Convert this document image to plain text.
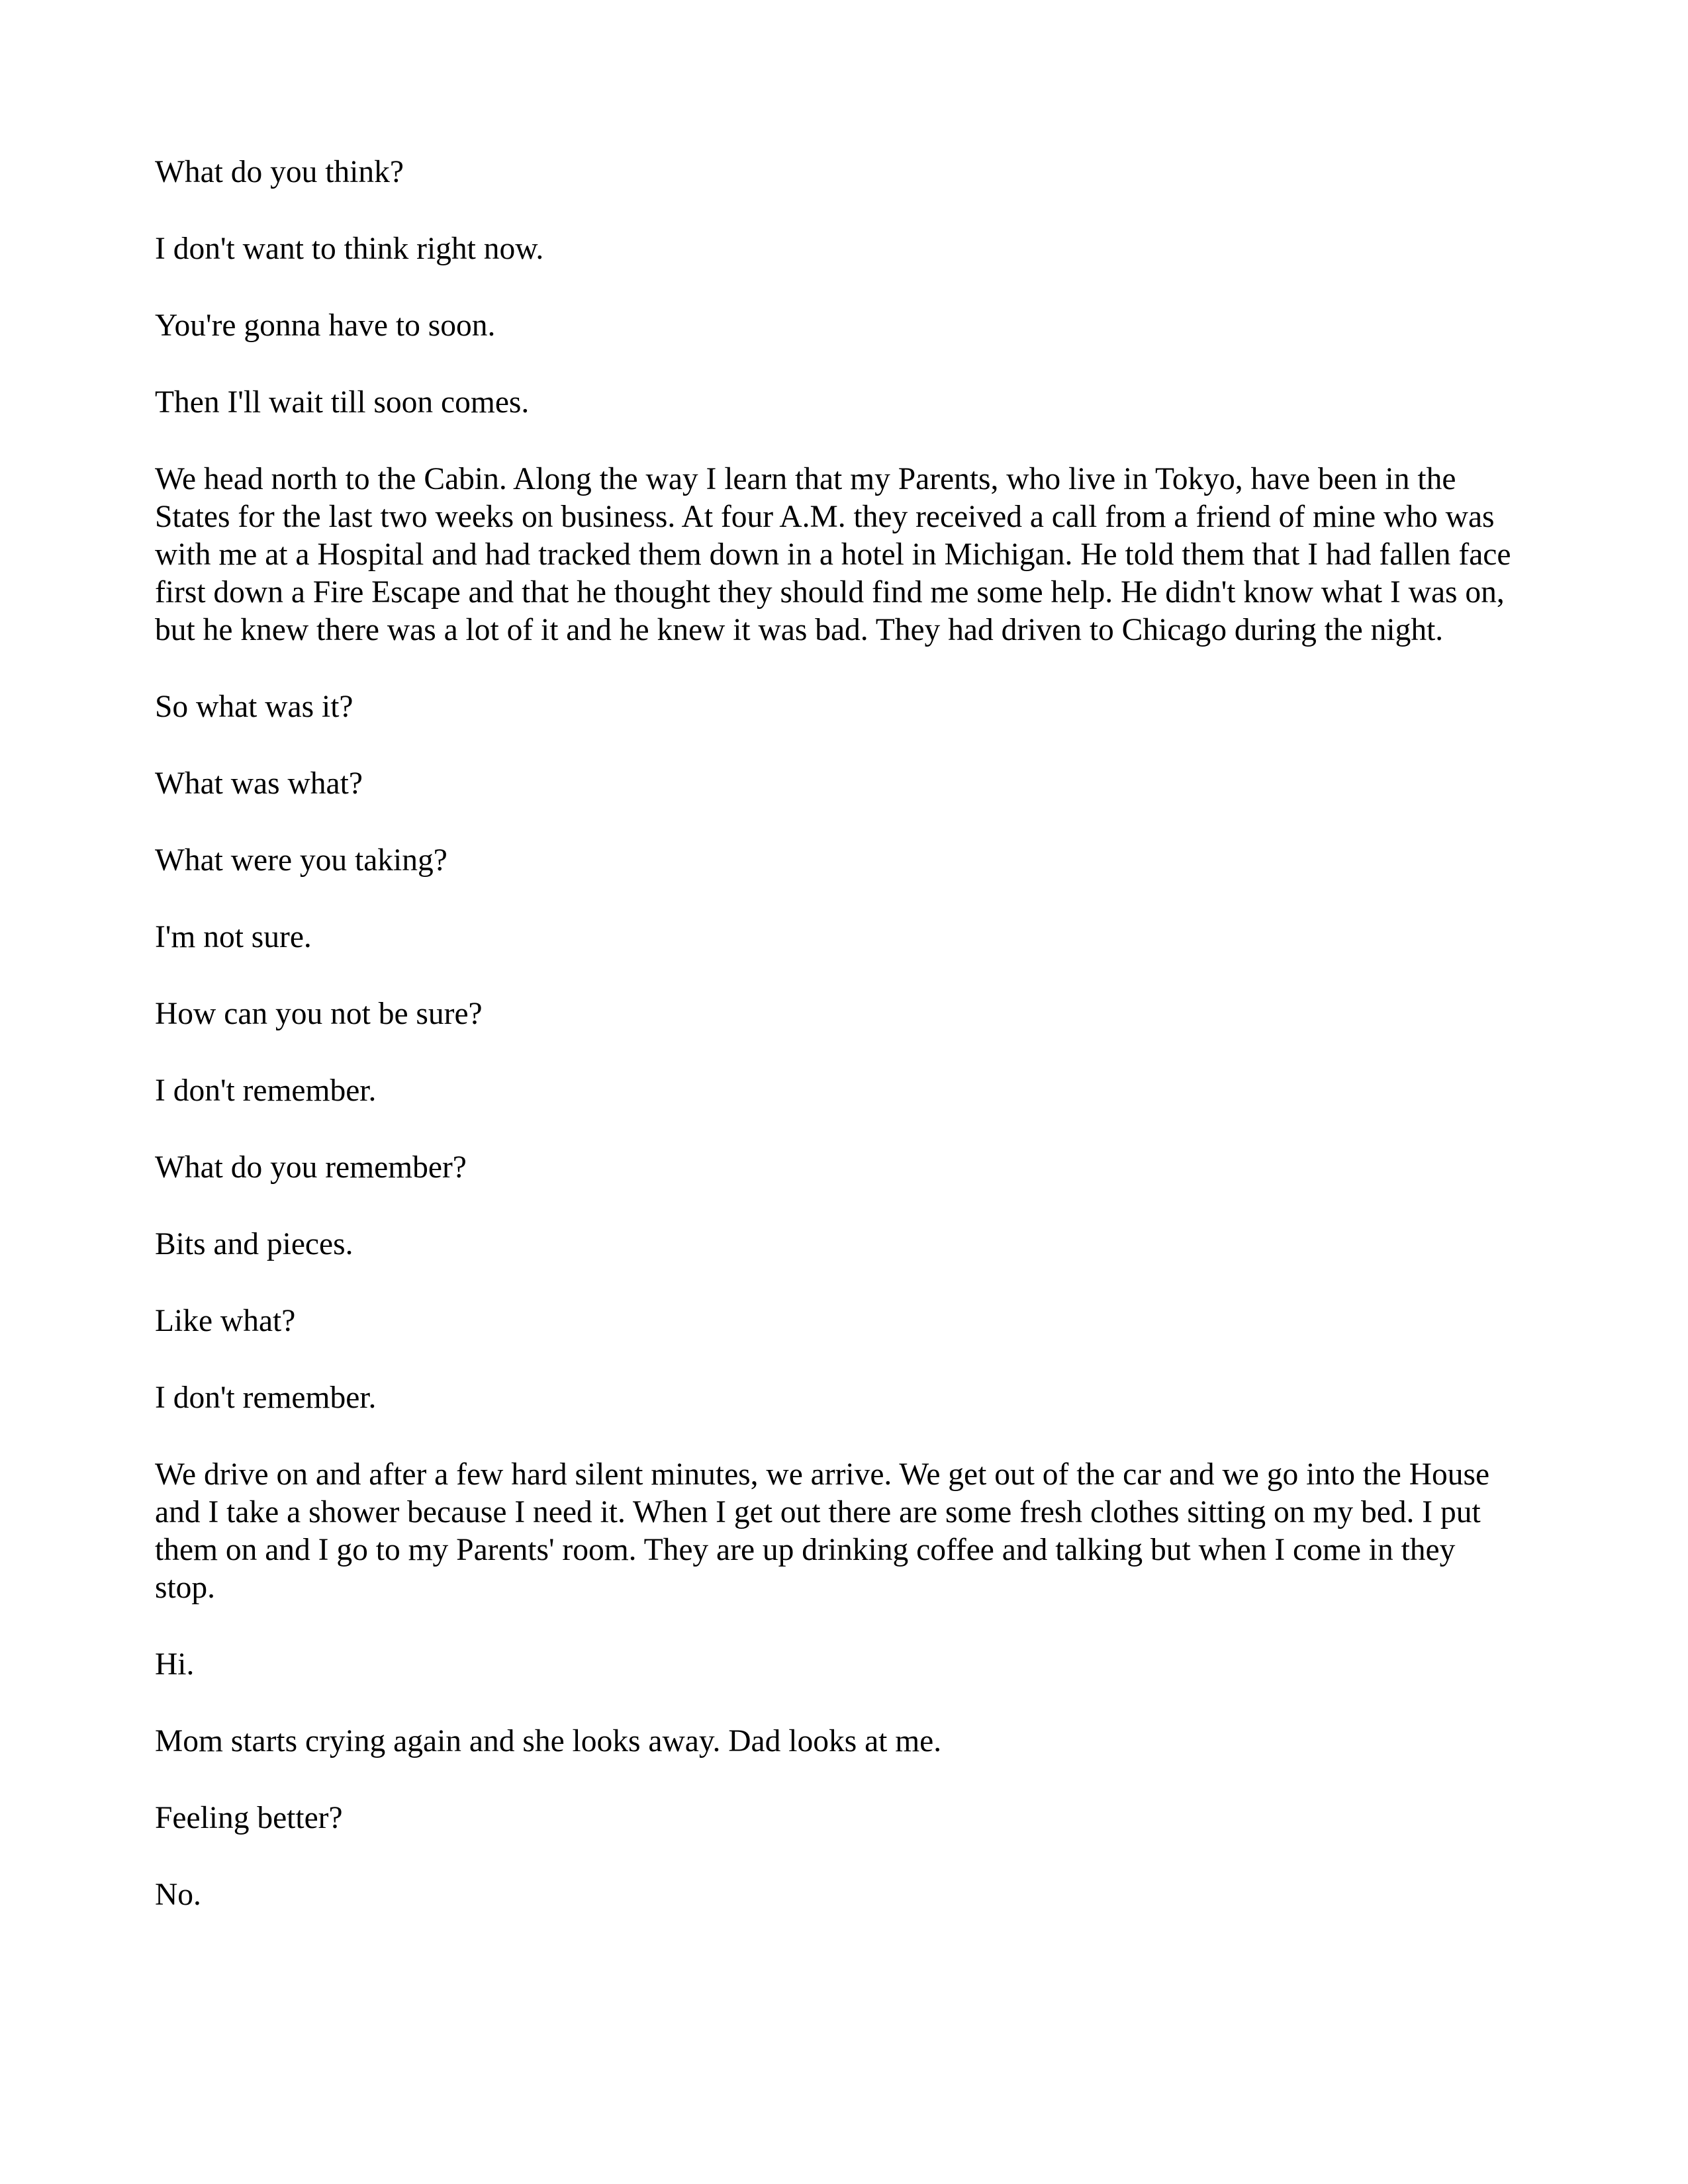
What do you think?

I don't want to think right now.

You're gonna have to soon.

Then I'll wait till soon comes.

We head north to the Cabin. Along the way I learn that my Parents, who live in Tokyo, have been in the States for the last two weeks on business. At four A.M. they received a call from a friend of mine who was with me at a Hospital and had tracked them down in a hotel in Michigan. He told them that I had fallen face first down a Fire Escape and that he thought they should find me some help. He didn't know what I was on, but he knew there was a lot of it and he knew it was bad. They had driven to Chicago during the night.

So what was it?

What was what?

What were you taking?

I'm not sure.

How can you not be sure?

I don't remember.

What do you remember?

Bits and pieces.

Like what?

I don't remember.

We drive on and after a few hard silent minutes, we arrive. We get out of the car and we go into the House and I take a shower because I need it. When I get out there are some fresh clothes sitting on my bed. I put them on and I go to my Parents' room. They are up drinking coffee and talking but when I come in they stop.

Hi.

Mom starts crying again and she looks away. Dad looks at me.

Feeling better?

No.
